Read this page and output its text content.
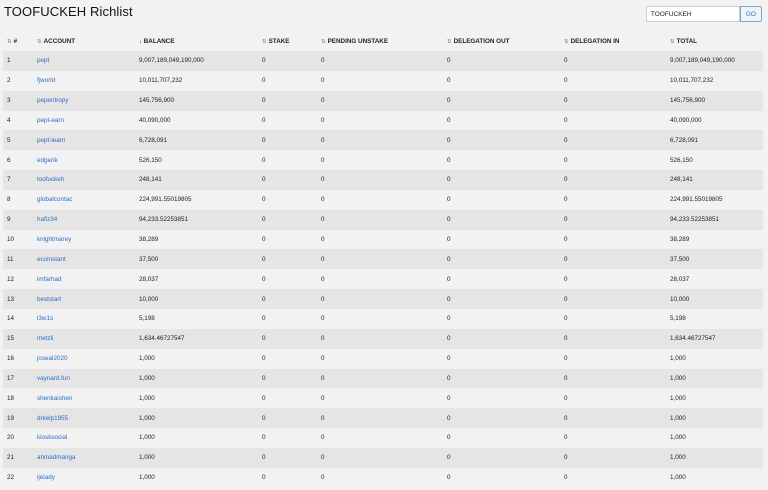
TOOFUCKEH Richlist
TOOFUCKEH	GO
⇅ #	⇅ ACCOUNT	↓ BALANCE	⇅ STAKE	⇅ PENDING UNSTAKE	⇅ DELEGATION OUT	⇅ DELEGATION IN	⇅ TOTAL
1	pept	9,007,189,049,190,000	0	0	0	0	9,007,189,049,190,000
2	fjworld	10,011,707,232	0	0	0	0	10,011,707,232
3	pepentropy	145,756,900	0	0	0	0	145,756,900
4	pept-earn	40,090,000	0	0	0	0	40,090,000
5	pept-learn	6,728,091	0	0	0	0	6,728,091
6	edgerik	526,150	0	0	0	0	526,150
7	toofuckeh	248,141	0	0	0	0	248,141
8	globalcontac	224,991.55019805	0	0	0	0	224,991.55019805
9	hafiz34	94,233.52253851	0	0	0	0	94,233.52253851
10	knightmarey	38,289	0	0	0	0	38,289
11	ecoinstant	37,500	0	0	0	0	37,500
12	imfarhad	28,037	0	0	0	0	28,037
13	beststart	10,000	0	0	0	0	10,000
14	l3w1s	5,198	0	0	0	0	5,198
15	metzli	1,634.46727547	0	0	0	0	1,634.46727547
16	joseal2020	1,000	0	0	0	0	1,000
17	vaynard.fun	1,000	0	0	0	0	1,000
18	shenkaishen	1,000	0	0	0	0	1,000
19	drkelp1955	1,000	0	0	0	0	1,000
20	kiosksocial	1,000	0	0	0	0	1,000
21	ahmadmanga	1,000	0	0	0	0	1,000
22	ijelady	1,000	0	0	0	0	1,000
